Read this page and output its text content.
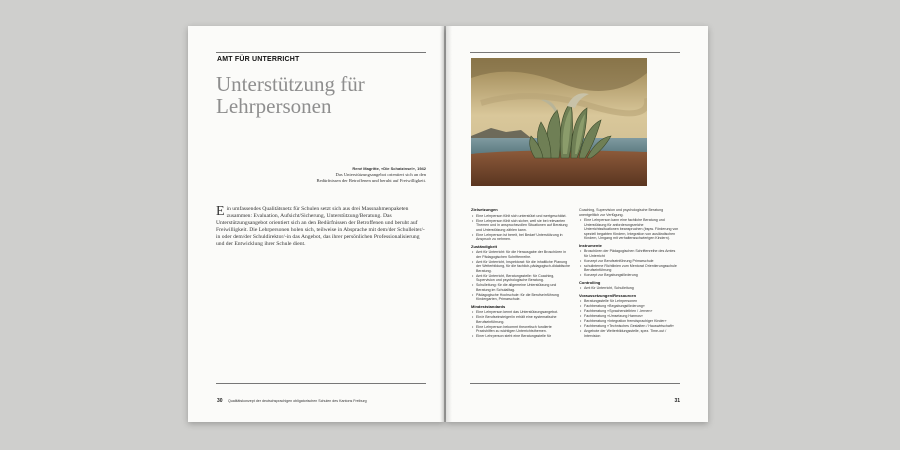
AMT FÜR UNTERRICHT
Unterstützung für
Lehrpersonen
René Magritte, «Die Schatzinsel», 1942
Das Unterstützungsangebot orientiert sich an den Bedürfnissen der Betroffenen und beruht auf Freiwilligkeit.
Ein umfassendes Qualitätsnetz für Schulen setzt sich aus drei Massnahmenpaketen zusammen: Evaluation, Aufsicht/Sicherung, Unterstützung/Beratung. Das Unterstützungsangebot orientiert sich an den Bedürfnissen der Betroffenen und beruht auf Freiwilligkeit. Die Lehrpersonen holen sich, teilweise in Absprache mit dem/der Schulleiter/-in oder dem/der Schuldirektor/-in das Angebot, das ihrer persönlichen Professionalisierung und der Entwicklung ihrer Schule dient.
30 Qualitätskonzept der deutschsprachigen obligatorischen Schulen des Kantons Freiburg
Zielsetzungen
• Eine Lehrperson fühlt sich unterstützt und wertgeschätzt.
• Eine Lehrperson fühlt sich sicher, weil sie bei relevanten Themen und in anspruchsvollen Situationen auf Beratung und Unterstützung zählen kann.
• Eine Lehrperson ist bereit, bei Bedarf Unterstützung in Anspruch zu nehmen.
Zuständigkeit
• Amt für Unterricht: für die Herausgabe der Broschüren in der Pädagogischen Schriftenreihe.
• Amt für Unterricht, Inspektorat: für die inhaltliche Planung der Weiterbildung, für die fachlich-pädagogisch-didaktische Beratung.
• Amt für Unterricht, Beratungsstelle: für Coaching, Supervision und psychologische Beratung.
• Schulleitung: für die allgemeine Unterstützung und Beratung im Schulalltag.
• Pädagogische Hochschule: für die Berufseinführung Kindergarten, Primarschule.
Mindeststandards
• Eine Lehrperson kennt das Unterstützungsangebot.
• Ein/e Berufseinsteiger/in erhält eine systematische Berufseinführung.
• Eine Lehrperson bekommt theoretisch fundierte Praxishilfen zu wichtigen Unterrichtsthemen.
• Einer Lehrperson steht eine Beratungsstelle für

Coaching, Supervision und psychologische Beratung unentgeltlich zur Verfügung.

• Eine Lehrperson kann eine fachliche Beratung und Unterstützung für anforderungsreiche Unterrichtssituationen beanspruchen (bspw. Förderung von speziell begabten Kindern, Integration von ausländischen Kindern, Umgang mit verhaltensschwierigen Kindern).
Instrumente
• Broschüren der Pädagogischen Schriftenreihe des Amtes für Unterricht
• Konzept zur Berufseinführung Primarschule
• schulinterne Richtlinien zum Mentorat Orientierungsschule Berufseinführung
• Konzept zur Begabungsförderung
Controlling
• Amt für Unterricht, Schulleitung
Voraussetzungen/Ressourcen
• Beratungsstelle für Lehrpersonen
• Fachberatung «Begabungsförderung»
• Fachberatung «Sprachendelirien / -lernen»
• Fachberatung «Umsetzung Harmos»
• Fachberatung «Integration fremdsprachiger Kinder»
• Fachberatung «Technisches Gestalten / Hauswirtschaft»
• Angebote der Weiterbildungsstelle, spez. Time-out / Intervision
31
